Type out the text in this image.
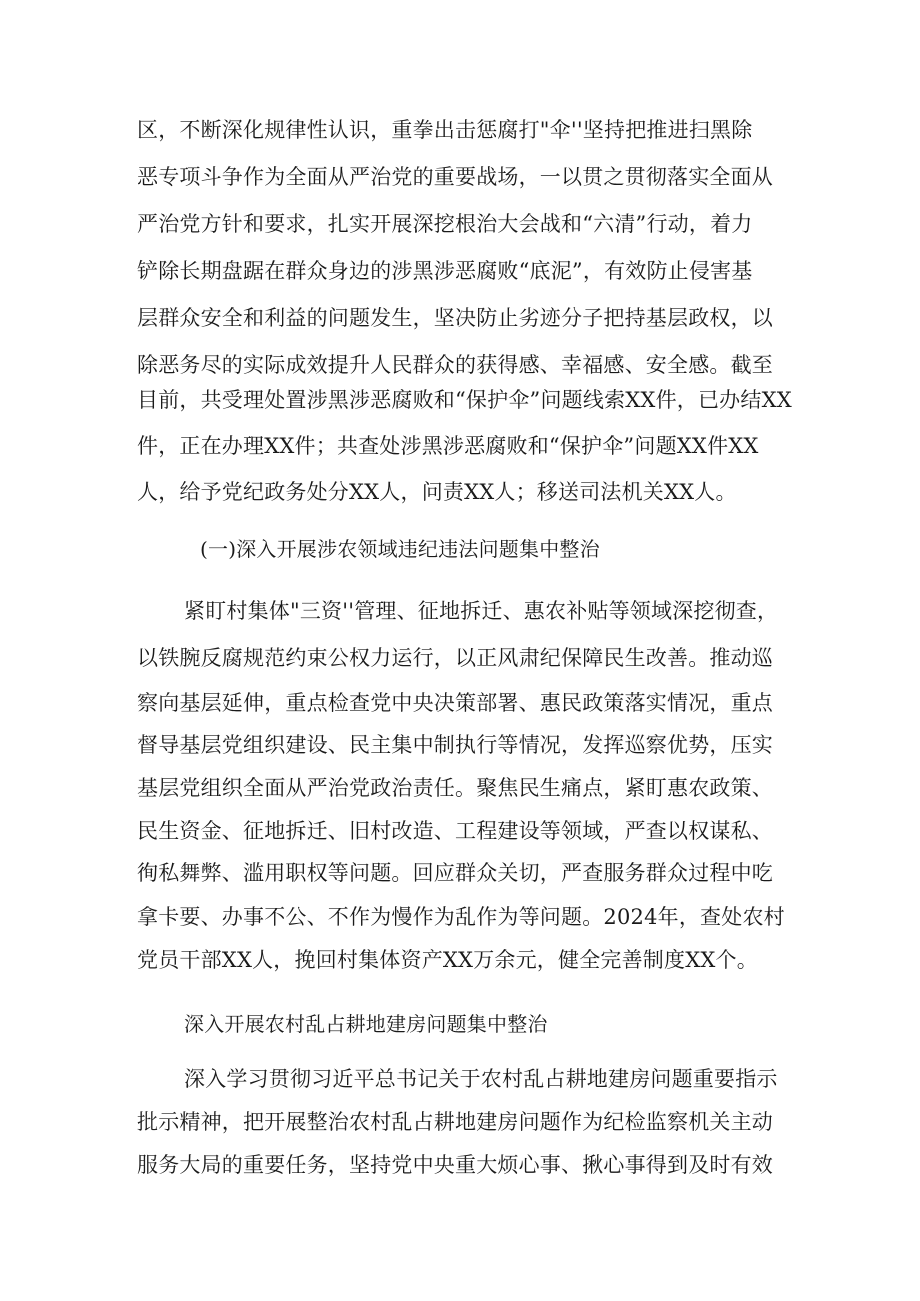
区，不断深化规律性认识，重拳出击惩腐打"伞''坚持把推进扫黑除
恶专项斗争作为全面从严治党的重要战场，一以贯之贯彻落实全面从
严治党方针和要求，扎实开展深挖根治大会战和“六清”行动，着力
铲除长期盘踞在群众身边的涉黑涉恶腐败“底泥”，有效防止侵害基
层群众安全和利益的问题发生，坚决防止劣迹分子把持基层政权，以
除恶务尽的实际成效提升人民群众的获得感、幸福感、安全感。截至
目前，共受理处置涉黑涉恶腐败和“保护伞”问题线索XX件，已办结XX
件，正在办理XX件；共查处涉黑涉恶腐败和“保护伞”问题XX件XX
人，给予党纪政务处分XX人，问责XX人；移送司法机关XX人。
(一)深入开展涉农领域违纪违法问题集中整治
紧盯村集体"三资''管理、征地拆迁、惠农补贴等领域深挖彻查，
以铁腕反腐规范约束公权力运行，以正风肃纪保障民生改善。推动巡
察向基层延伸，重点检查党中央决策部署、惠民政策落实情况，重点
督导基层党组织建设、民主集中制执行等情况，发挥巡察优势，压实
基层党组织全面从严治党政治责任。聚焦民生痛点，紧盯惠农政策、
民生资金、征地拆迁、旧村改造、工程建设等领域，严查以权谋私、
徇私舞弊、滥用职权等问题。回应群众关切，严查服务群众过程中吃
拿卡要、办事不公、不作为慢作为乱作为等问题。2024年，查处农村
党员干部XX人，挽回村集体资产XX万余元，健全完善制度XX个。
深入开展农村乱占耕地建房问题集中整治
深入学习贯彻习近平总书记关于农村乱占耕地建房问题重要指示
批示精神，把开展整治农村乱占耕地建房问题作为纪检监察机关主动
服务大局的重要任务，坚持党中央重大烦心事、揪心事得到及时有效
